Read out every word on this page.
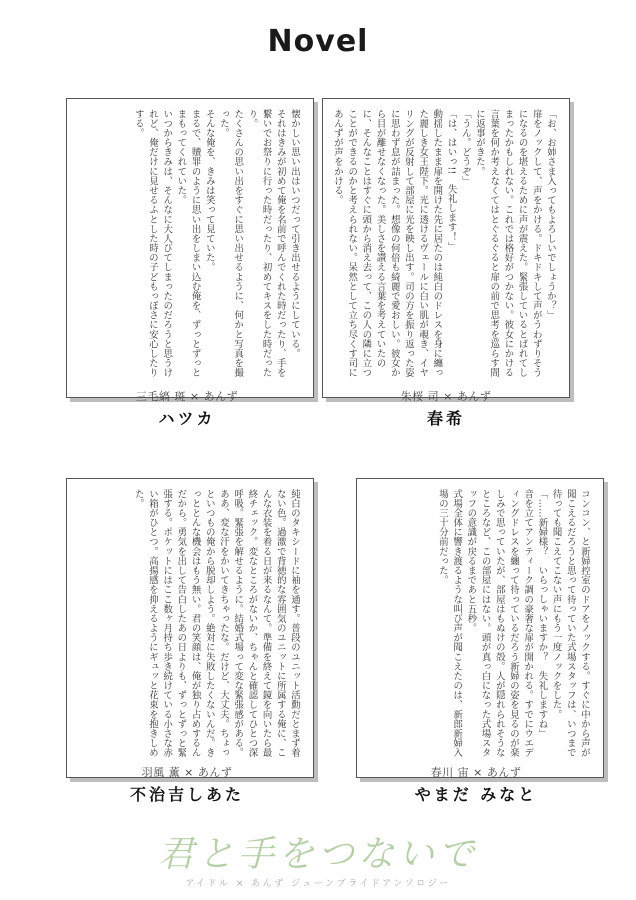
Novel
懐かしい思い出はいつだって引き出せるようにしている。
それはきみが初めて俺を名前で呼んでくれた時だったり、手を繋いでお祭りに行った時だったり、初めてキスをした時だったり。
たくさんの思い出をすぐに思い出せるように、何かと写真を撮った。
そんな俺を、きみは笑って見ていた。
まるで、贖罪のように思い出をしまい込む俺を、ずっとずっとまもってくれていた。
いつからきみは、そんなに大人びてしまったのだろうと思うけれど、俺だけに見せるふとした時の子どもっぽさに安心したりする。
三毛縞 斑 × あんず
ハツカ
「お、お姉さま入ってもよろしいでしょうか？」
扉をノックして、声をかける。ドキドキして声がうわずりそうになるのを堪えるために声が震えた。緊張しているとばれてしまったかもしれない。これでは格好がつかない。彼女にかける言葉を何か考えなくてはとぐるぐると扉の前で思考を巡らす間に返事がきた。
「うん。どうぞ」
「は、はいっ!!　失礼します！」
動揺したまま扉を開けた先に居たのは純白のドレスを身に纏った麗しき女王陛下。光に透けるヴェールに白い肌が覗き、イヤリングが反射して部屋に光を映し出す。司の方を振り返った姿に思わず息が詰まった。想像の何倍も綺麗で愛おしい。彼女から目が離せなくなった。美しさを讃える言葉を考えていたのに、そんなことはすぐに頭から消え去って、この人の隣に立つことができるのかと考えられない。呆然として立ち尽くす司にあんずが声をかける。
朱桜 司 × あんず
春希
純白のタキシードに袖を通す。普段のユニット活動だとまず着ない色。過激で背徳的な雰囲気のユニットに所属する俺に、こんな衣装を着る日が来るなんて。準備を終えて鏡を向いたら最終チェック。変なところがないか、ちゃんと確認してひとつ深呼吸。緊張を解せるように。結婚式場って変な緊張感がある。ああ、変な汗をかいてきちゃったな。だけど、大丈夫。ちょっといつもの俺から脱却しよう。絶対に失敗したくないんだ。きっととんな機会はもう無い。君の笑顔は、俺が独り占めするんだから。勇気を出して告白したあの日よりも、ずっとずっと緊張する。ポケットにはここ数ヶ月持ち歩き続けている小さな赤い箱がひとつ。高揚感を抑えるようにギュッと花束を抱きしめた。
羽風 薫 × あんず
不治吉しあた
コンコン、と新婦控室のドアをノックする。すぐに中から声が聞こえるだろうと思って待っていた式場スタッフは、いつまで待っても聞こえてこない声にもう一度ノックをした。
「……新婦様？　いらっしゃいますか？　失礼しますね」
音を立てアンティーク調の豪奢な扉が開かれる。すでにウエディングドレスを纏って待っているだろう新婦の姿を見るのが楽しみで思っていたが、部屋はもぬけの殻。人が隠れられそうなところなど、この部屋にはない。頭が真っ白になった式場スタッフの意識が戻るまであと五秒。
式場全体に響き渡るような叫び声が聞こえたのは、新郎新婦入場の三十分前だった。
春川 宙 × あんず
やまだ みなと
君と手をつないで
アイドル × あんず ジューンブライドアンソロジー
